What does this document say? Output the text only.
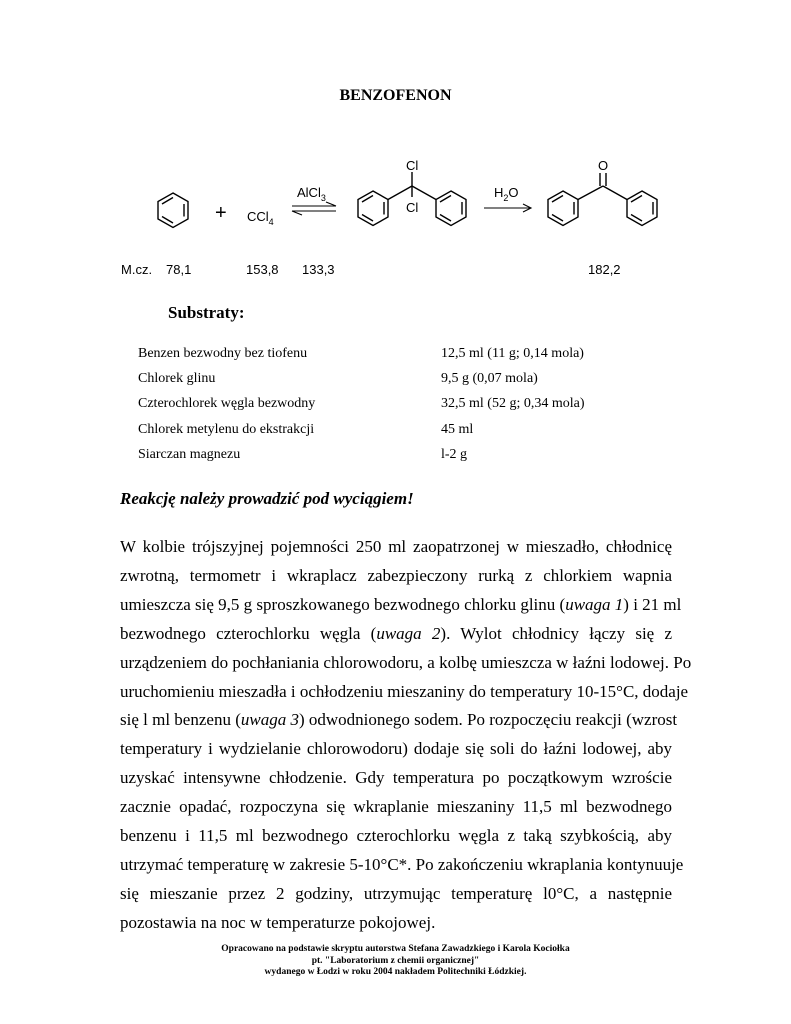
BENZOFENON
+ CCl$_4$
AlCl$_3$
Cl
Cl
$H_2O$
O
M.cz. 78,1	153,8 133,3	182,2
Substraty:
Benzen bezwodny bez tiofenu	12,5 ml (11 g; 0,14 mola)
Chlorek glinu	9,5 g (0,07 mola)
Czterochlorek węgla bezwodny	32,5 ml (52 g; 0,34 mola)
Chlorek metylenu do ekstrakcji	45 ml
Siarczan magnezu	l-2 g
Reakcję należy prowadzić pod wyciągiem!
W kolbie trójszyjnej pojemności 250 ml zaopatrzonej w mieszadło, chłodnicę
zwrotną, termometr i wkraplacz zabezpieczony rurką z chlorkiem wapnia
umieszcza się 9,5 g sproszkowanego bezwodnego chlorku glinu (uwaga 1) i 21 ml
bezwodnego czterochlorku węgla (uwaga 2). Wylot chłodnicy łączy się z
urządzeniem do pochłaniania chlorowodoru, a kolbę umieszcza w łaźni lodowej. Po
uruchomieniu mieszadła i ochłodzeniu mieszaniny do temperatury 10-15°C, dodaje
się l ml benzenu (uwaga 3) odwodnionego sodem. Po rozpoczęciu reakcji (wzrost
temperatury i wydzielanie chlorowodoru) dodaje się soli do łaźni lodowej, aby
uzyskać intensywne chłodzenie. Gdy temperatura po początkowym wzroście
zacznie opadać, rozpoczyna się wkraplanie mieszaniny 11,5 ml bezwodnego
benzenu i 11,5 ml bezwodnego czterochlorku węgla z taką szybkością, aby
utrzymać temperaturę w zakresie 5-10°C*. Po zakończeniu wkraplania kontynuuje
się mieszanie przez 2 godziny, utrzymując temperaturę l0°C, a następnie
pozostawia na noc w temperaturze pokojowej.
Opracowano na podstawie skryptu autorstwa Stefana Zawadzkiego i Karola Kociołka
pt. "Laboratorium z chemii organicznej"
wydanego w Łodzi w roku 2004 nakładem Politechniki Łódzkiej.
